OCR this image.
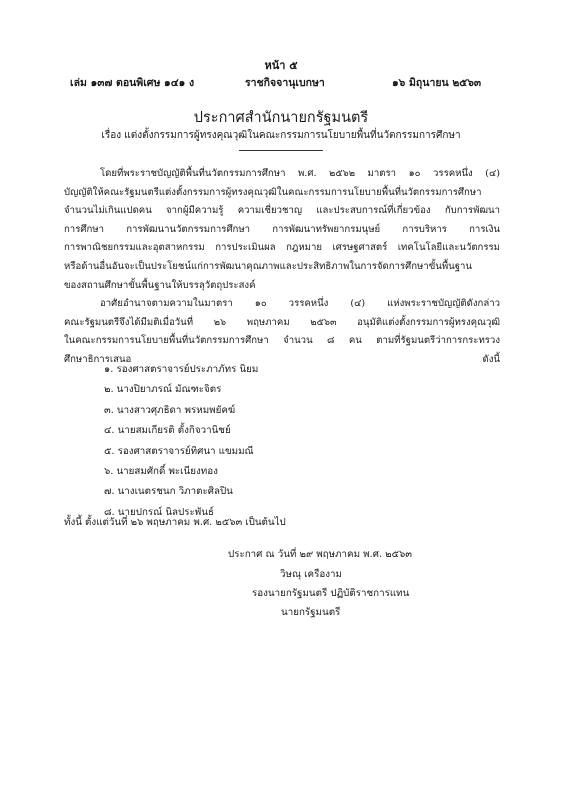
หน้า ๕
เล่ม ๑๓๗ ตอนพิเศษ ๑๔๑ ง	ราชกิจจานุเบกษา	๑๖ มิถุนายน ๒๕๖๓
ประกาศสำนักนายกรัฐมนตรี
เรื่อง แต่งตั้งกรรมการผู้ทรงคุณวุฒิในคณะกรรมการนโยบายพื้นที่นวัตกรรมการศึกษา
โดยที่พระราชบัญญัติพื้นที่นวัตกรรมการศึกษา พ.ศ. ๒๕๖๒ มาตรา ๑๐ วรรคหนึ่ง (๔)
บัญญัติให้คณะรัฐมนตรีแต่งตั้งกรรมการผู้ทรงคุณวุฒิในคณะกรรมการนโยบายพื้นที่นวัตกรรมการศึกษา
จำนวนไม่เกินแปดคน จากผู้มีความรู้ ความเชี่ยวชาญ และประสบการณ์ที่เกี่ยวข้อง กับการพัฒนา
การศึกษา การพัฒนานวัตกรรมการศึกษา การพัฒนาทรัพยากรมนุษย์ การบริหาร การเงิน
การพาณิชยกรรมและอุตสาหกรรม การประเมินผล กฎหมาย เศรษฐศาสตร์ เทคโนโลยีและนวัตกรรม
หรือด้านอื่นอันจะเป็นประโยชน์แก่การพัฒนาคุณภาพและประสิทธิภาพในการจัดการศึกษาขั้นพื้นฐาน
ของสถานศึกษาขั้นพื้นฐานให้บรรลุวัตถุประสงค์
อาศัยอำนาจตามความในมาตรา ๑๐ วรรคหนึ่ง (๔) แห่งพระราชบัญญัติดังกล่าว
คณะรัฐมนตรีจึงได้มีมติเมื่อวันที่ ๒๖ พฤษภาคม ๒๕๖๓ อนุมัติแต่งตั้งกรรมการผู้ทรงคุณวุฒิ
ในคณะกรรมการนโยบายพื้นที่นวัตกรรมการศึกษา จำนวน ๘ คน ตามที่รัฐมนตรีว่าการกระทรวง
ศึกษาธิการเสนอ ดังนี้
๑. รองศาสตราจารย์ประภาภัทร นิยม
๒. นางปิยาภรณ์ มัณฑะจิตร
๓. นางสาวศุภธิดา พรหมพยัคฆ์
๔. นายสมเกียรติ ตั้งกิจวานิชย์
๕. รองศาสตราจารย์ทิศนา แขมมณี
๖. นายสมศักดิ์ พะเนียงทอง
๗. นางเนตรชนก วิภาตะศิลปิน
๘. นายปกรณ์ นิลประพันธ์
ทั้งนี้ ตั้งแต่วันที่ ๒๖ พฤษภาคม พ.ศ. ๒๕๖๓ เป็นต้นไป
ประกาศ ณ วันที่ ๒๙ พฤษภาคม พ.ศ. ๒๕๖๓
วิษณุ เครืองาม
รองนายกรัฐมนตรี ปฏิบัติราชการแทน
นายกรัฐมนตรี
